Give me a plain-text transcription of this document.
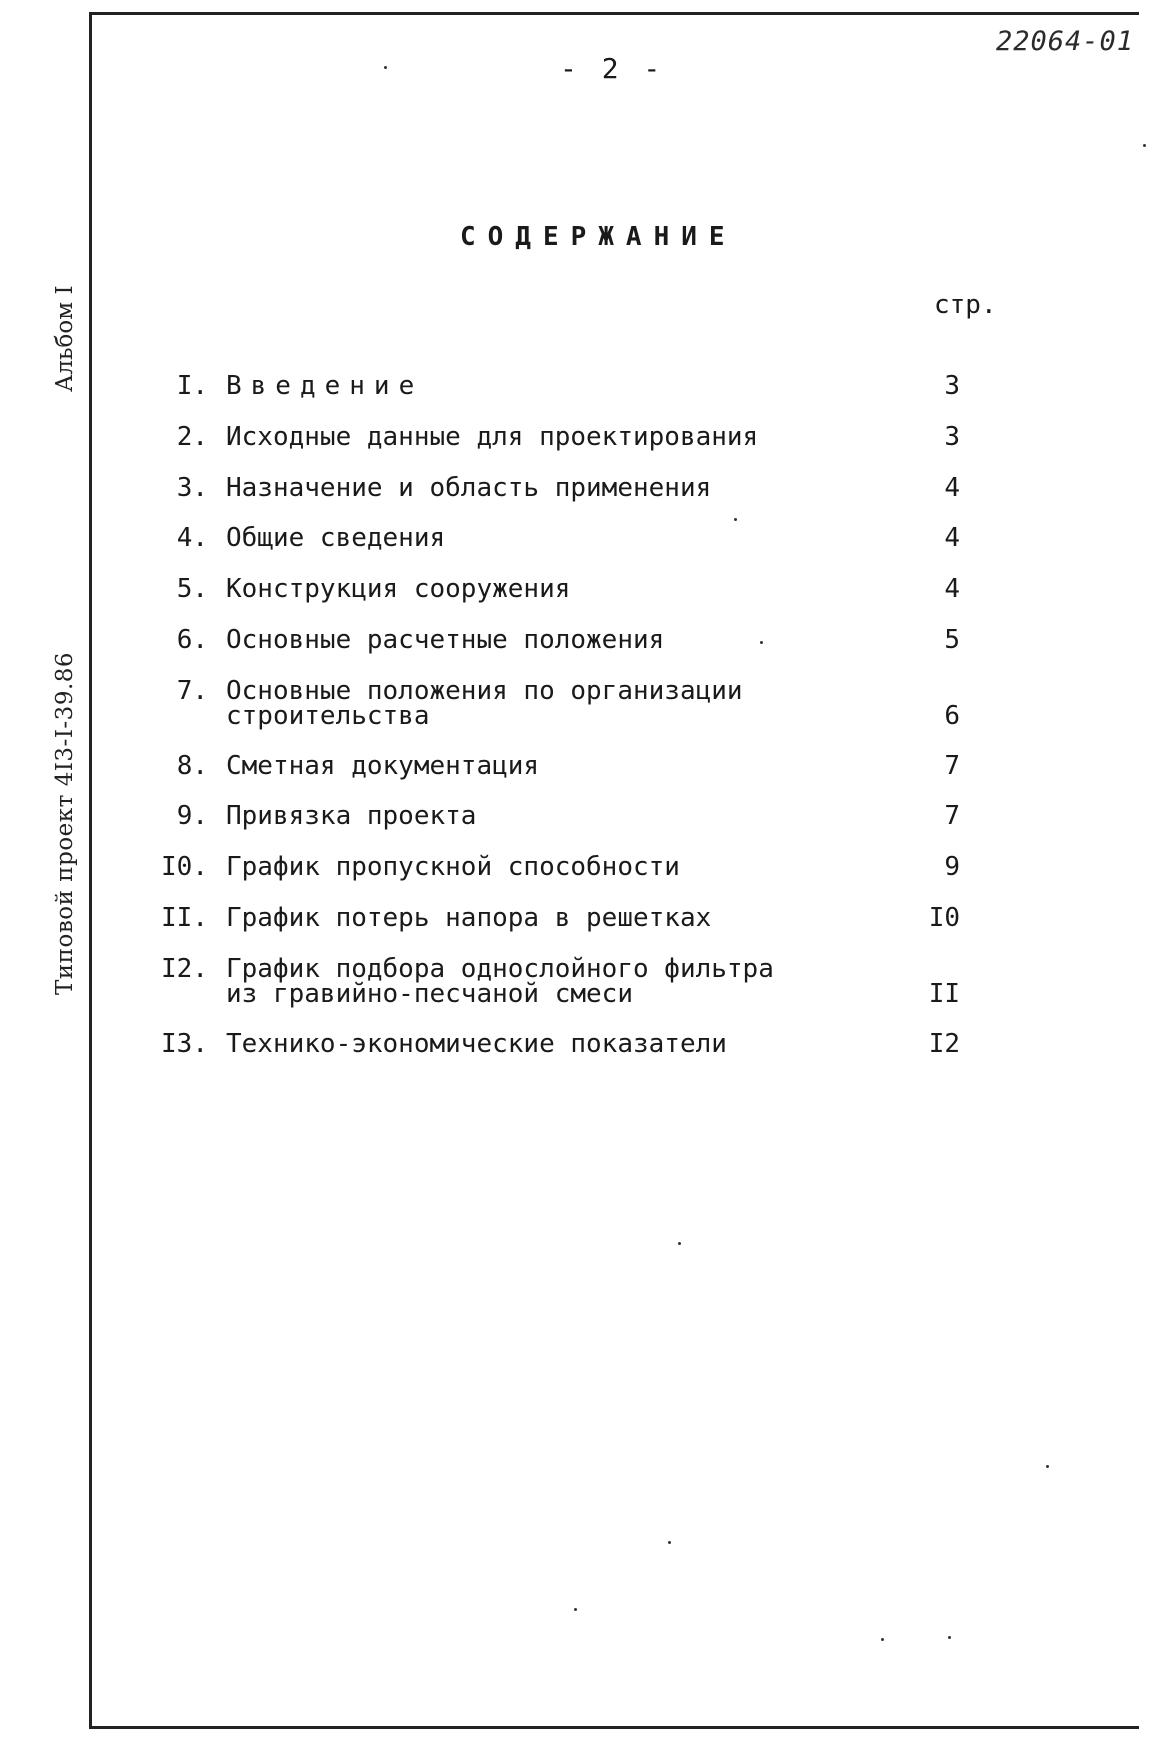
22064-01
- 2 -
Альбом I
Типовой проект 4I3-I-39.86
СОДЕРЖАНИЕ
стр.
I. Введение	3
2. Исходные данные для проектирования	3
3. Назначение и область применения	4
4. Общие сведения	4
5. Конструкция сооружения	4
6. Основные расчетные положения	5
7. Основные положения по организации
строительства	6
8. Сметная документация	7
9. Привязка проекта	7
I0. График пропускной способности	9
II. График потерь напора в решетках	I0
I2. График подбора однослойного фильтра
из гравийно-песчаной смеси	II
I3. Технико-экономические показатели	I2
